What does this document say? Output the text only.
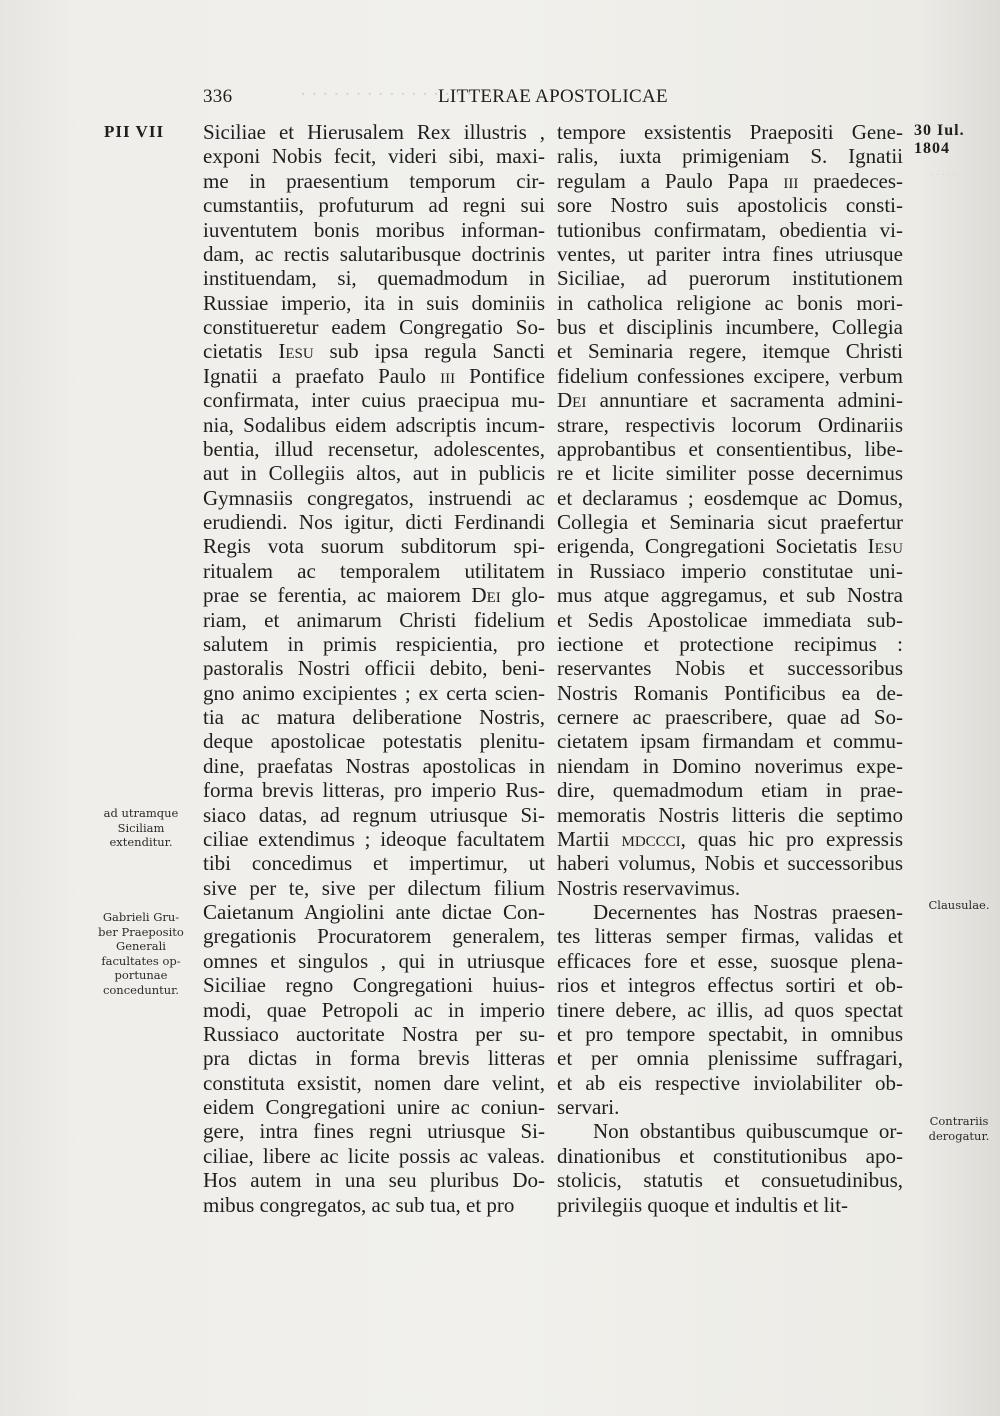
· · · · · · · · · · · · · · · ·
· · · · ·
336	LITTERAE APOSTOLICAE
PII VII	30 Iul. 1804
Siciliae et Hierusalem Rex illustris ,
exponi Nobis fecit, videri sibi, maxi-
me in praesentium temporum cir-
cumstantiis, profuturum ad regni sui
iuventutem bonis moribus informan-
dam, ac rectis salutaribusque doctrinis
instituendam, si, quemadmodum in
Russiae imperio, ita in suis dominiis
constitueretur eadem Congregatio So-
cietatis Iesu sub ipsa regula Sancti
Ignatii a praefato Paulo iii Pontifice
confirmata, inter cuius praecipua mu-
nia, Sodalibus eidem adscriptis incum-
bentia, illud recensetur, adolescentes,
aut in Collegiis altos, aut in publicis
Gymnasiis congregatos, instruendi ac
erudiendi. Nos igitur, dicti Ferdinandi
Regis vota suorum subditorum spi-
ritualem ac temporalem utilitatem
prae se ferentia, ac maiorem Dei glo-
riam, et animarum Christi fidelium
salutem in primis respicientia, pro
pastoralis Nostri officii debito, beni-
gno animo excipientes ; ex certa scien-
tia ac matura deliberatione Nostris,
deque apostolicae potestatis plenitu-
dine, praefatas Nostras apostolicas in
forma brevis litteras, pro imperio Rus-
siaco datas, ad regnum utriusque Si-
ciliae extendimus ; ideoque facultatem
tibi concedimus et impertimur, ut
sive per te, sive per dilectum filium
Caietanum Angiolini ante dictae Con-
gregationis Procuratorem generalem,
omnes et singulos , qui in utriusque
Siciliae regno Congregationi huius-
modi, quae Petropoli ac in imperio
Russiaco auctoritate Nostra per su-
pra dictas in forma brevis litteras
constituta exsistit, nomen dare velint,
eidem Congregationi unire ac coniun-
gere, intra fines regni utriusque Si-
ciliae, libere ac licite possis ac valeas.
Hos autem in una seu pluribus Do-
mibus congregatos, ac sub tua, et pro
tempore exsistentis Praepositi Gene-
ralis, iuxta primigeniam S. Ignatii
regulam a Paulo Papa iii praedeces-
sore Nostro suis apostolicis consti-
tutionibus confirmatam, obedientia vi-
ventes, ut pariter intra fines utriusque
Siciliae, ad puerorum institutionem
in catholica religione ac bonis mori-
bus et disciplinis incumbere, Collegia
et Seminaria regere, itemque Christi
fidelium confessiones excipere, verbum
Dei annuntiare et sacramenta admini-
strare, respectivis locorum Ordinariis
approbantibus et consentientibus, libe-
re et licite similiter posse decernimus
et declaramus ; eosdemque ac Domus,
Collegia et Seminaria sicut praefertur
erigenda, Congregationi Societatis Iesu
in Russiaco imperio constitutae uni-
mus atque aggregamus, et sub Nostra
et Sedis Apostolicae immediata sub-
iectione et protectione recipimus :
reservantes Nobis et successoribus
Nostris Romanis Pontificibus ea de-
cernere ac praescribere, quae ad So-
cietatem ipsam firmandam et commu-
niendam in Domino noverimus expe-
dire, quemadmodum etiam in prae-
memoratis Nostris litteris die septimo
Martii mdccci, quas hic pro expressis
haberi volumus, Nobis et successoribus
Nostris reservavimus.
Decernentes has Nostras praesen-
tes litteras semper firmas, validas et
efficaces fore et esse, suosque plena-
rios et integros effectus sortiri et ob-
tinere debere, ac illis, ad quos spectat
et pro tempore spectabit, in omnibus
et per omnia plenissime suffragari,
et ab eis respective inviolabiliter ob-
servari.
Non obstantibus quibuscumque or-
dinationibus et constitutionibus apo-
stolicis, statutis et consuetudinibus,
privilegiis quoque et indultis et lit-
ad utramque
Siciliam
extenditur.
Gabrieli Gru-
ber Praeposito
Generali
facultates op-
portunae
conceduntur.
Clausulae.
Contrariis
derogatur.
